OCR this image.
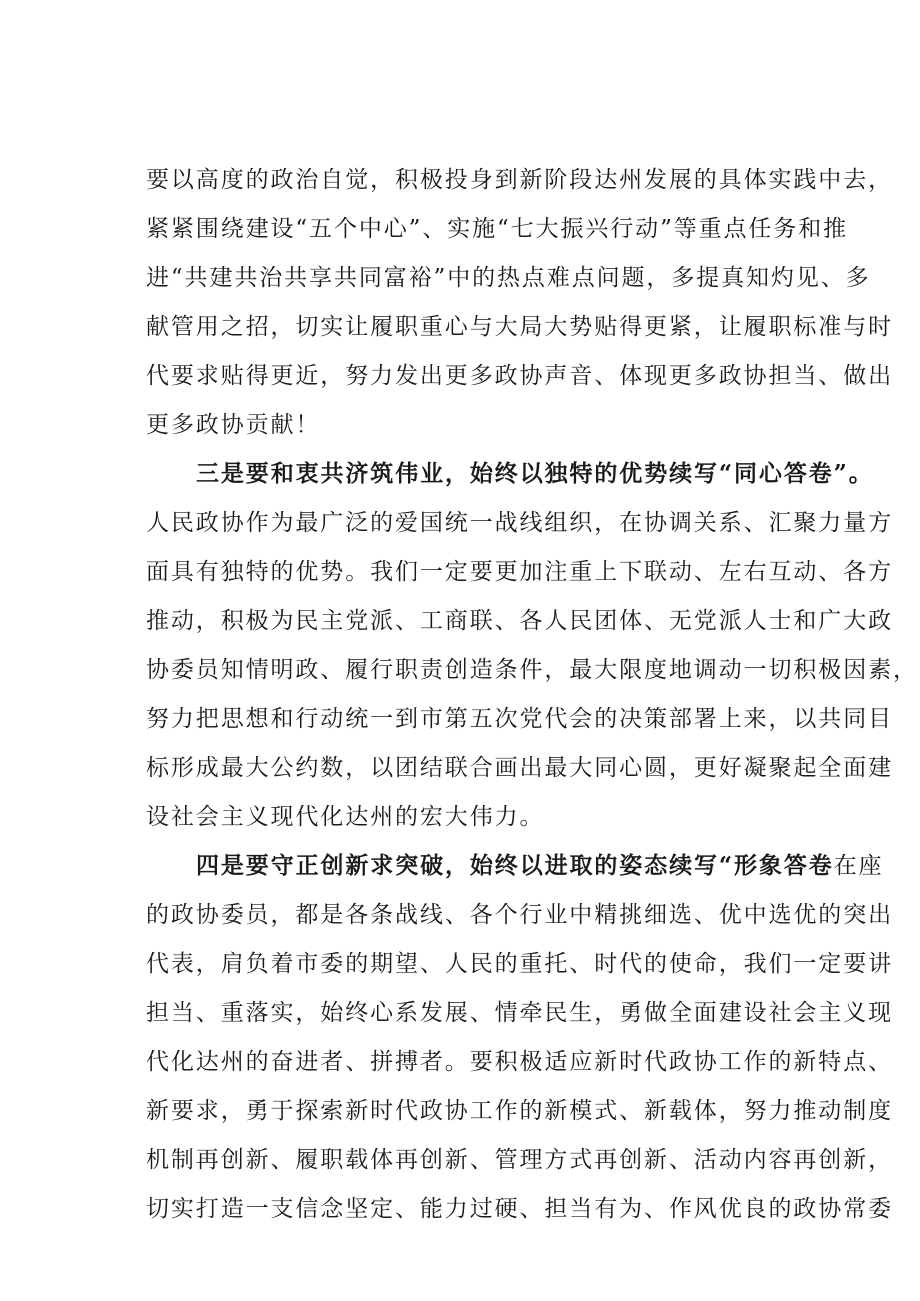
要以高度的政治自觉，积极投身到新阶段达州发展的具体实践中去，
紧紧围绕建设“五个中心”、实施“七大振兴行动”等重点任务和推
进“共建共治共享共同富裕”中的热点难点问题，多提真知灼见、多
献管用之招，切实让履职重心与大局大势贴得更紧，让履职标准与时
代要求贴得更近，努力发出更多政协声音、体现更多政协担当、做出
更多政协贡献！
三是要和衷共济筑伟业，始终以独特的优势续写“同心答卷”。
人民政协作为最广泛的爱国统一战线组织，在协调关系、汇聚力量方
面具有独特的优势。我们一定要更加注重上下联动、左右互动、各方
推动，积极为民主党派、工商联、各人民团体、无党派人士和广大政
协委员知情明政、履行职责创造条件，最大限度地调动一切积极因素，
努力把思想和行动统一到市第五次党代会的决策部署上来，以共同目
标形成最大公约数，以团结联合画出最大同心圆，更好凝聚起全面建
设社会主义现代化达州的宏大伟力。
四是要守正创新求突破，始终以进取的姿态续写“形象答卷在座
的政协委员，都是各条战线、各个行业中精挑细选、优中选优的突出
代表，肩负着市委的期望、人民的重托、时代的使命，我们一定要讲
担当、重落实，始终心系发展、情牵民生，勇做全面建设社会主义现
代化达州的奋进者、拼搏者。要积极适应新时代政协工作的新特点、
新要求，勇于探索新时代政协工作的新模式、新载体，努力推动制度
机制再创新、履职载体再创新、管理方式再创新、活动内容再创新，
切实打造一支信念坚定、能力过硬、担当有为、作风优良的政协常委
